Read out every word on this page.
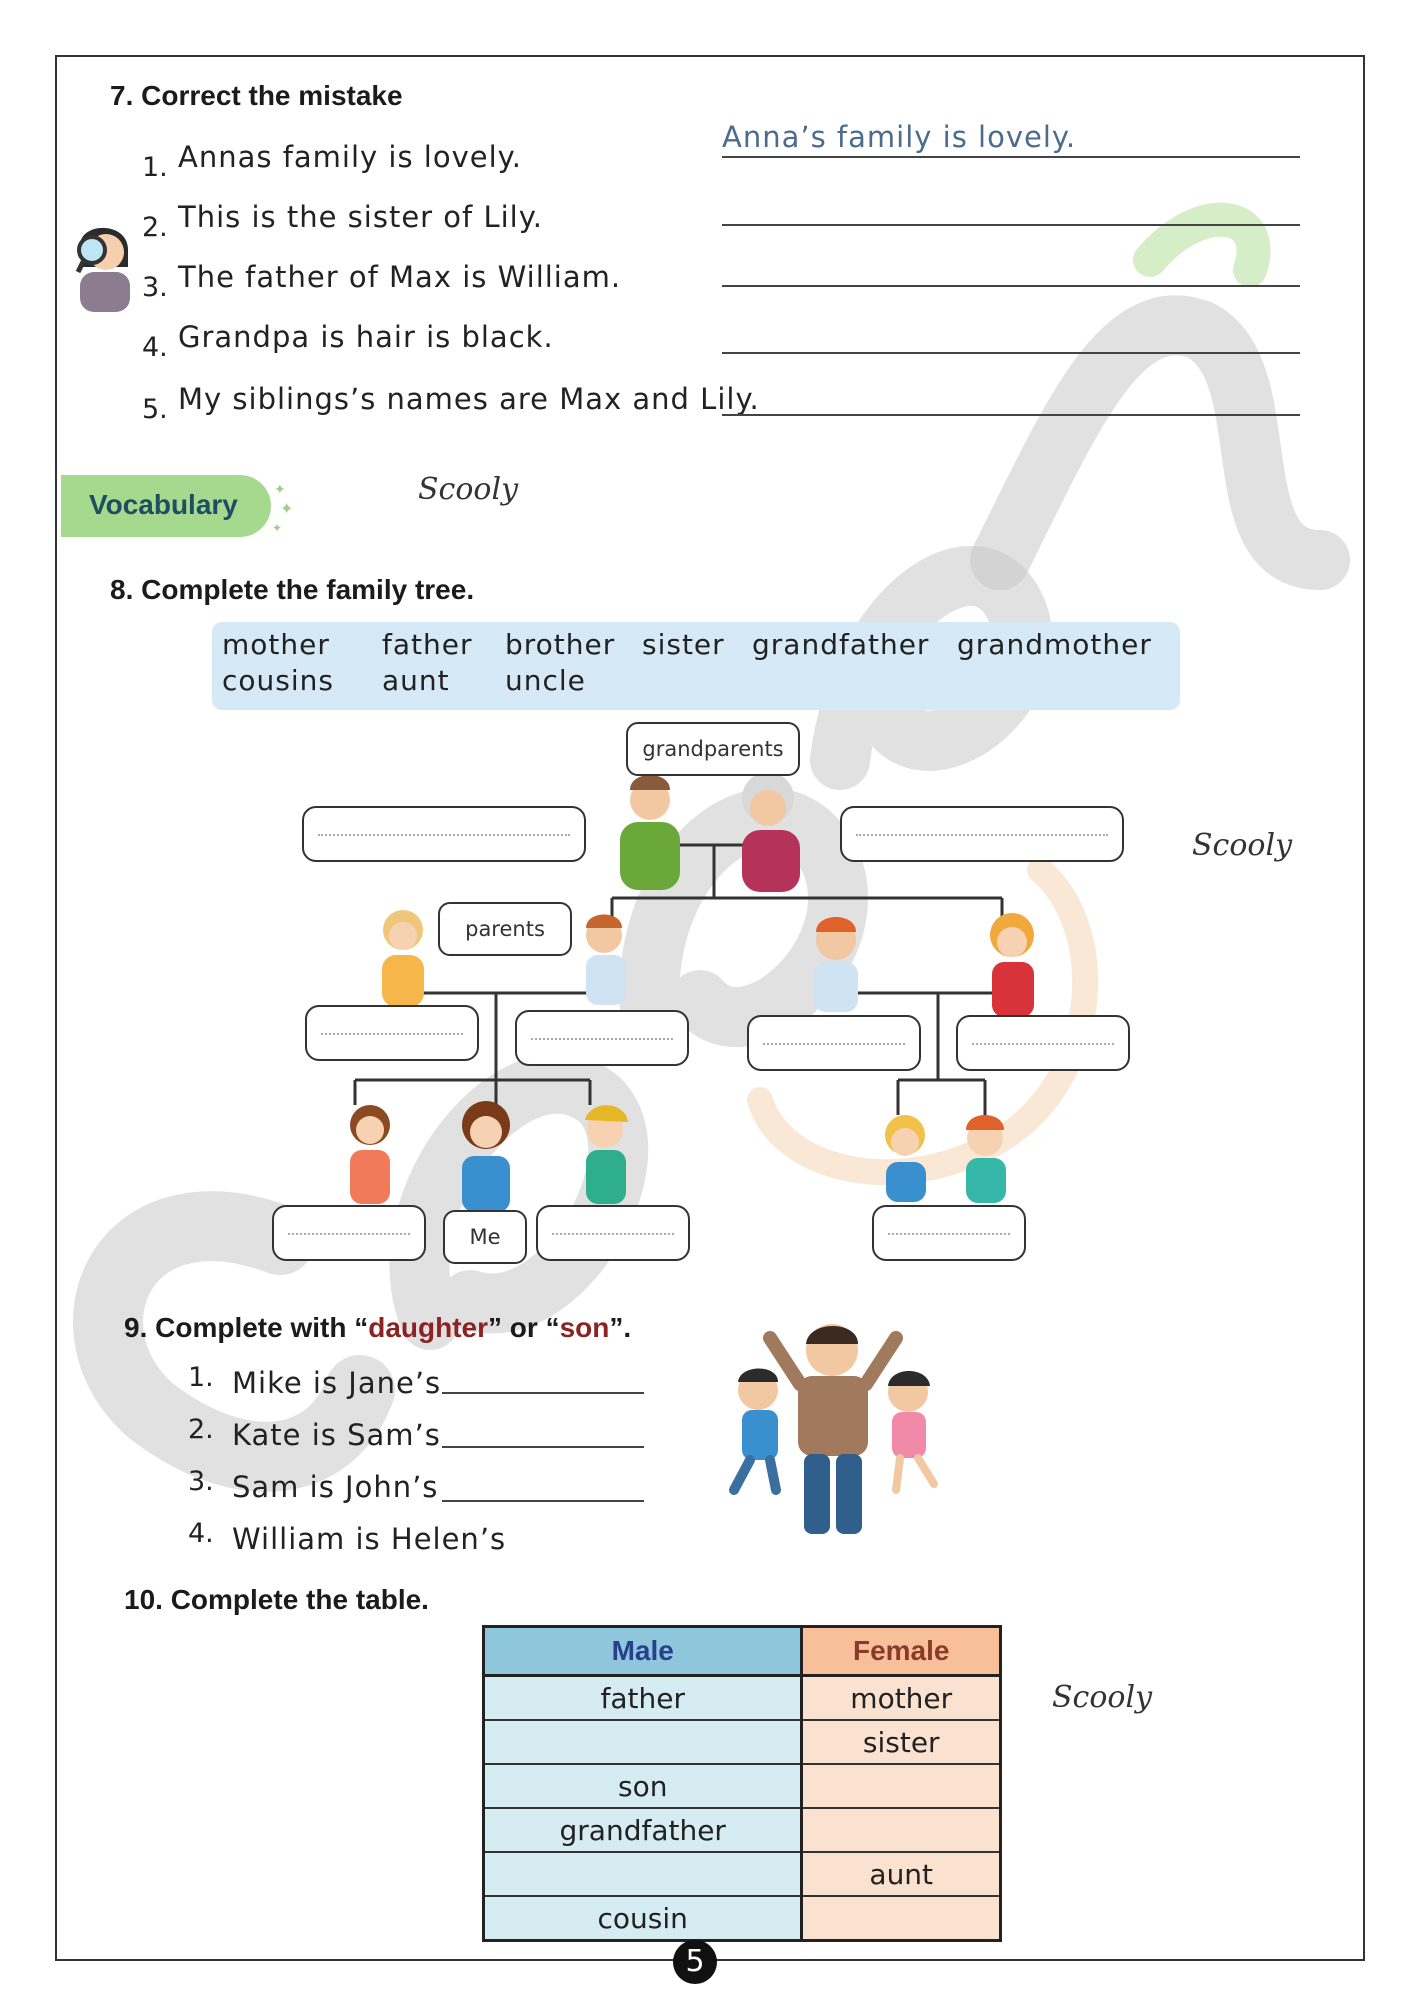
7. Correct the mistake
1. Annas family is lovely.
Anna’s family is lovely.
2. This is the sister of Lily.
3. The father of Max is William.
4. Grandpa is hair is black.
5. My siblings’s names are Max and Lily.
Vocabulary	✦
✦
✦
Scooly
8. Complete the family tree.
mother father brother sister grandfather grandmother
cousins aunt uncle
grandparents
parents
Me
Scooly
9. Complete with “daughter” or “son”.
1. Mike is Jane’s
2. Kate is Sam’s
3. Sam is John’s
4. William is Helen’s
10. Complete the table.
Male	Female
father	mother
	sister
son	
grandfather	
	aunt
cousin	
Scooly
5
